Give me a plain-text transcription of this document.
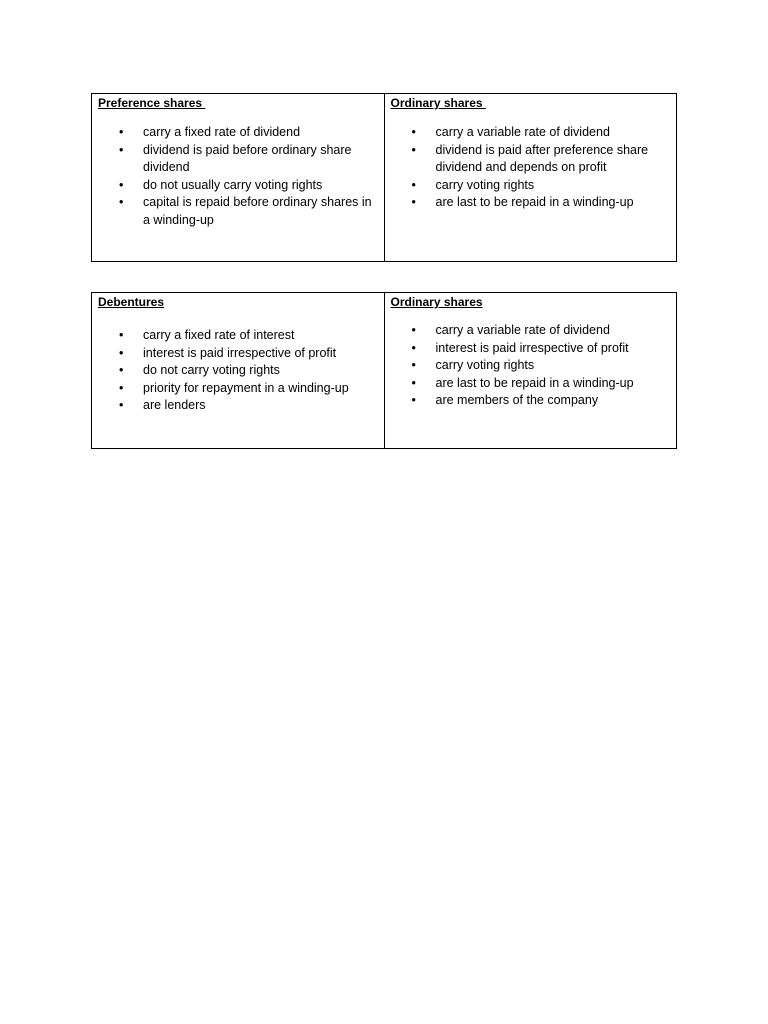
Preference shares

• carry a fixed rate of dividend
• dividend is paid before ordinary share dividend
• do not usually carry voting rights
• capital is repaid before ordinary shares in a winding-up

Ordinary shares

• carry a variable rate of dividend
• dividend is paid after preference share dividend and depends on profit
• carry voting rights
• are last to be repaid in a winding-up

Debentures

• carry a fixed rate of interest
• interest is paid irrespective of profit
• do not carry voting rights
• priority for repayment in a winding-up
• are lenders

Ordinary shares

• carry a variable rate of dividend
• interest is paid irrespective of profit
• carry voting rights
• are last to be repaid in a winding-up
• are members of the company
